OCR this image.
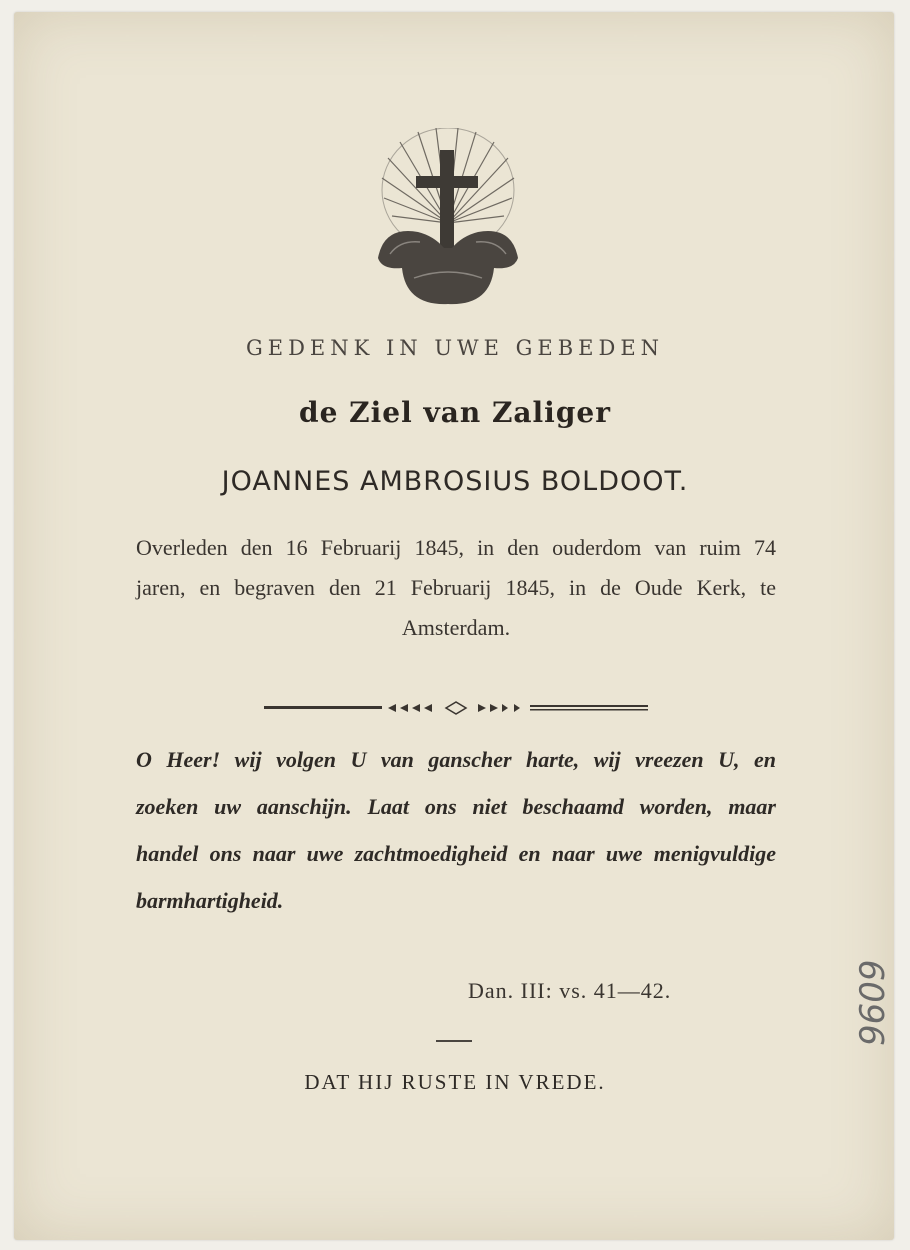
GEDENK IN UWE GEBEDEN
de Ziel van Zaliger
JOANNES AMBROSIUS BOLDOOT.
Overleden den 16 Februarij 1845, in den ouderdom van ruim 74 jaren, en begraven den 21 Februarij 1845, in de Oude Kerk, te Amsterdam.
O Heer! wij volgen U van ganscher harte, wij vreezen U, en zoeken uw aanschijn. Laat ons niet beschaamd worden, maar handel ons naar uwe zachtmoedigheid en naar uwe menigvuldige barmhartigheid.
Dan. III: vs. 41—42.
DAT HIJ RUSTE IN VREDE.
9609
